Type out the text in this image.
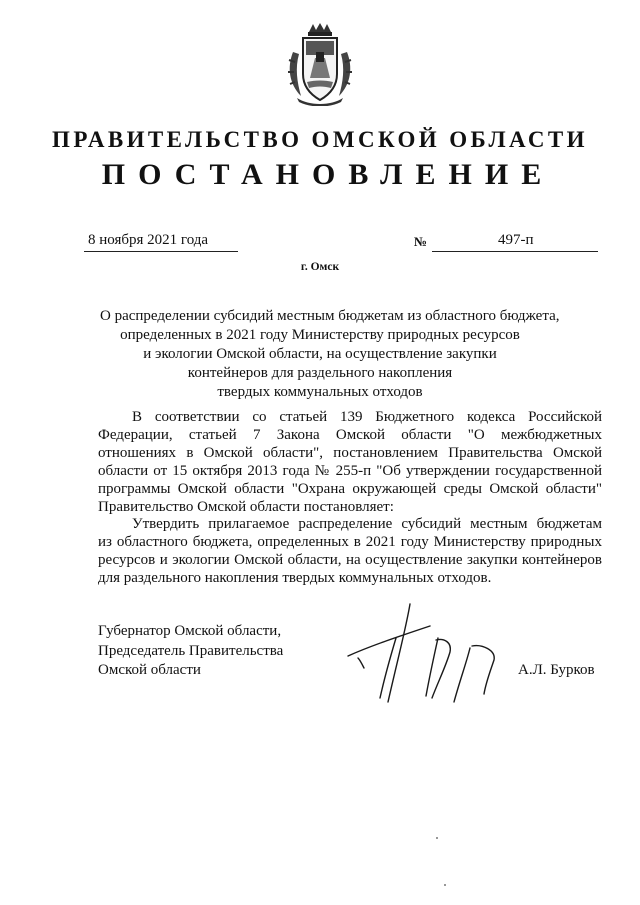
ПРАВИТЕЛЬСТВО ОМСКОЙ ОБЛАСТИ
ПОСТАНОВЛЕНИЕ
8 ноября 2021 года	№	497-п
г. Омск
О распределении субсидий местным бюджетам из областного бюджета,
определенных в 2021 году Министерству природных ресурсов
и экологии Омской области, на осуществление закупки
контейнеров для раздельного накопления
твердых коммунальных отходов
В соответствии со статьей 139 Бюджетного кодекса Российской
Федерации, статьей 7 Закона Омской области "О межбюджетных
отношениях в Омской области", постановлением Правительства Омской
области от 15 октября 2013 года № 255-п "Об утверждении государственной
программы Омской области "Охрана окружающей среды Омской области"
Правительство Омской области постановляет:
Утвердить прилагаемое распределение субсидий местным бюджетам
из областного бюджета, определенных в 2021 году Министерству природных
ресурсов и экологии Омской области, на осуществление закупки контейнеров
для раздельного накопления твердых коммунальных отходов.
Губернатор Омской области,
Председатель Правительства
Омской области	А.Л. Бурков
